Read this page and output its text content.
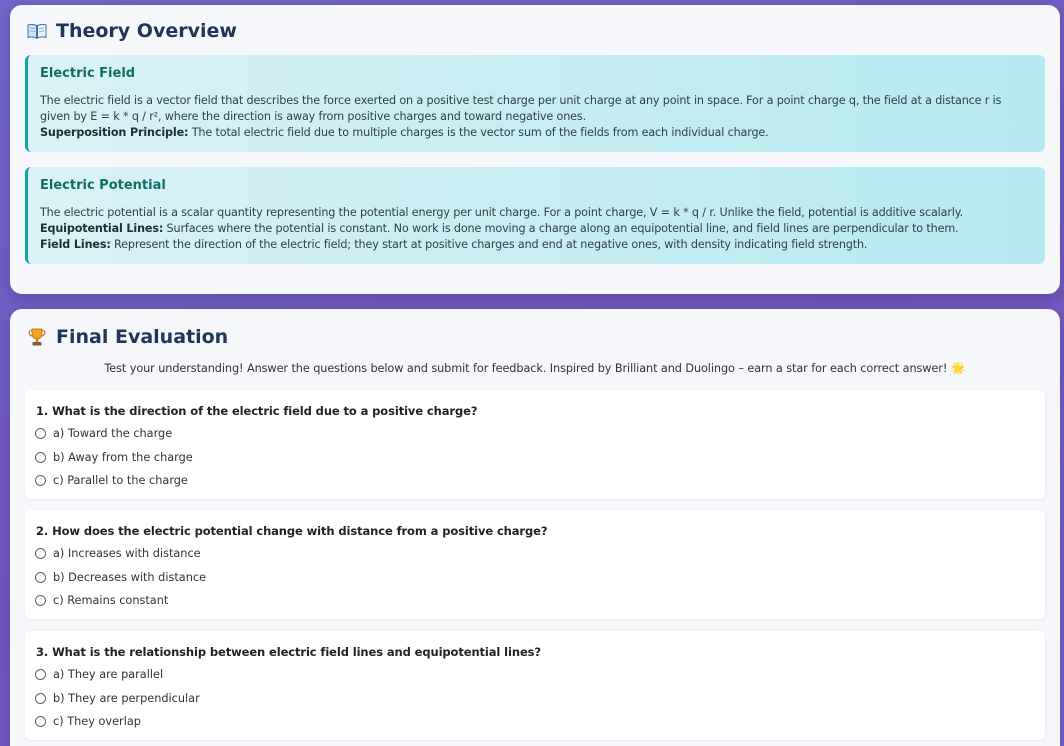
Theory Overview
Electric Field
The electric field is a vector field that describes the force exerted on a positive test charge per unit charge at any point in space. For a point charge q, the field at a distance r is given by E = k * q / r², where the direction is away from positive charges and toward negative ones.
Superposition Principle: The total electric field due to multiple charges is the vector sum of the fields from each individual charge.
Electric Potential
The electric potential is a scalar quantity representing the potential energy per unit charge. For a point charge, V = k * q / r. Unlike the field, potential is additive scalarly.
Equipotential Lines: Surfaces where the potential is constant. No work is done moving a charge along an equipotential line, and field lines are perpendicular to them.
Field Lines: Represent the direction of the electric field; they start at positive charges and end at negative ones, with density indicating field strength.
Final Evaluation
Test your understanding! Answer the questions below and submit for feedback. Inspired by Brilliant and Duolingo – earn a star for each correct answer! 🌟
1. What is the direction of the electric field due to a positive charge?
a) Toward the charge
b) Away from the charge
c) Parallel to the charge
2. How does the electric potential change with distance from a positive charge?
a) Increases with distance
b) Decreases with distance
c) Remains constant
3. What is the relationship between electric field lines and equipotential lines?
a) They are parallel
b) They are perpendicular
c) They overlap
